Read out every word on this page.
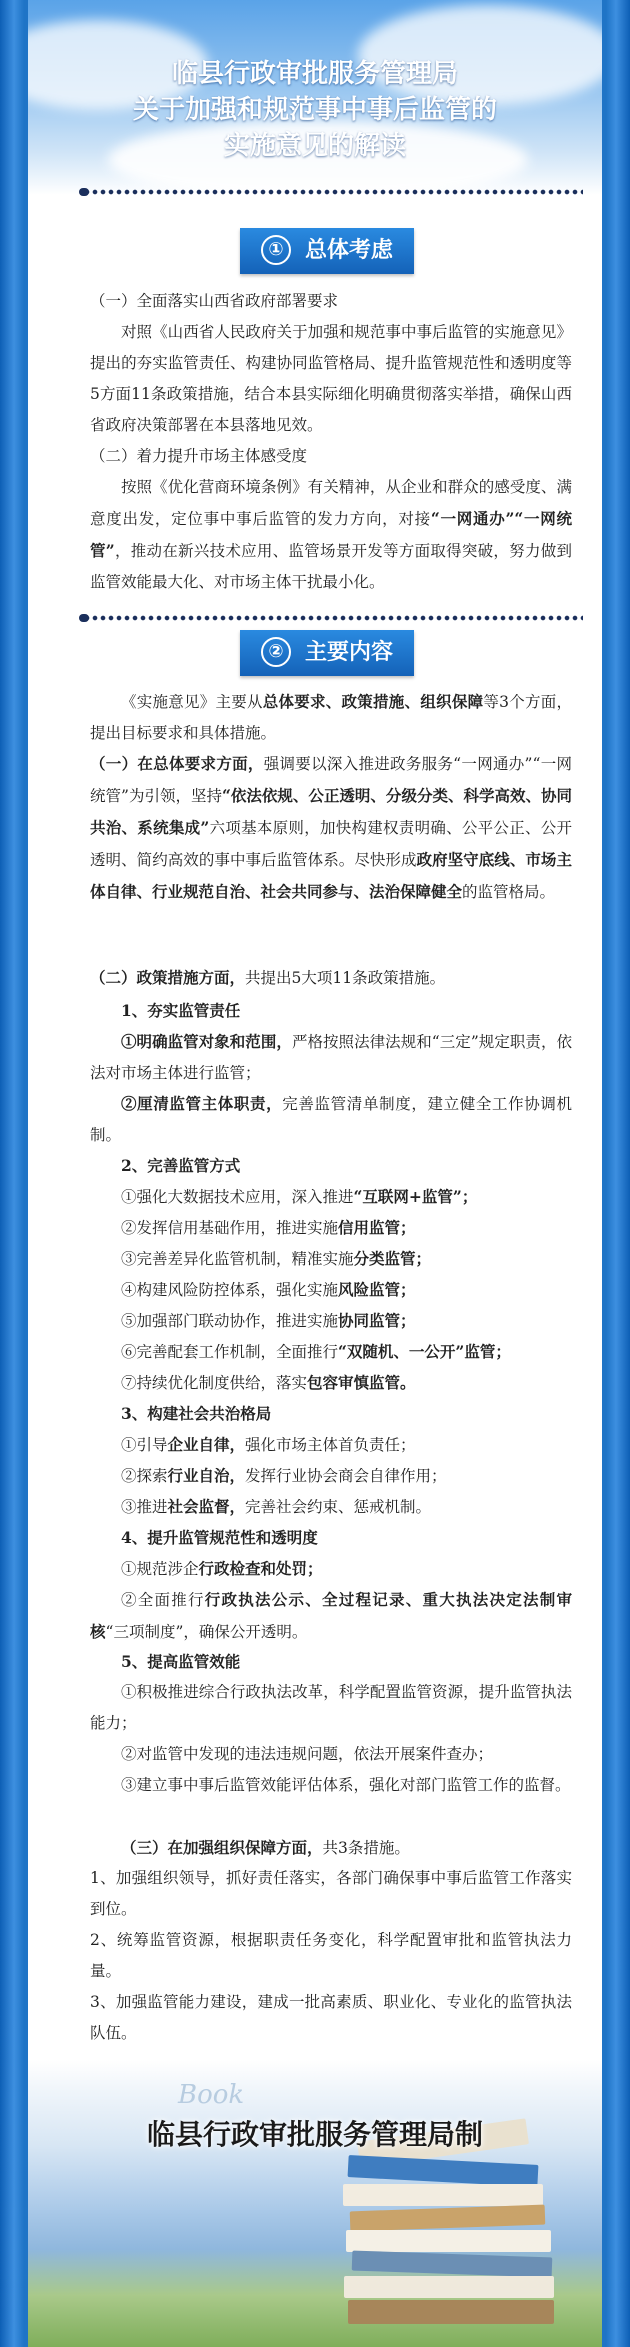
临县行政审批服务管理局
关于加强和规范事中事后监管的
实施意见的解读
① 总体考虑
（一）全面落实山西省政府部署要求
对照《山西省人民政府关于加强和规范事中事后监管的实施意见》提出的夯实监管责任、构建协同监管格局、提升监管规范性和透明度等5方面11条政策措施，结合本县实际细化明确贯彻落实举措，确保山西省政府决策部署在本县落地见效。
（二）着力提升市场主体感受度
按照《优化营商环境条例》有关精神，从企业和群众的感受度、满意度出发，定位事中事后监管的发力方向，对接“一网通办”“一网统管”，推动在新兴技术应用、监管场景开发等方面取得突破，努力做到监管效能最大化、对市场主体干扰最小化。
② 主要内容
《实施意见》主要从总体要求、政策措施、组织保障等3个方面，提出目标要求和具体措施。
（一）在总体要求方面，强调要以深入推进政务服务“一网通办”“一网统管”为引领，坚持“依法依规、公正透明、分级分类、科学高效、协同共治、系统集成”六项基本原则，加快构建权责明确、公平公正、公开透明、简约高效的事中事后监管体系。尽快形成政府坚守底线、市场主体自律、行业规范自治、社会共同参与、法治保障健全的监管格局。
（二）政策措施方面，共提出5大项11条政策措施。
1、夯实监管责任
①明确监管对象和范围，严格按照法律法规和“三定”规定职责，依法对市场主体进行监管；
②厘清监管主体职责，完善监管清单制度，建立健全工作协调机制。
2、完善监管方式
①强化大数据技术应用，深入推进“互联网+监管”；
②发挥信用基础作用，推进实施信用监管；
③完善差异化监管机制，精准实施分类监管；
④构建风险防控体系，强化实施风险监管；
⑤加强部门联动协作，推进实施协同监管；
⑥完善配套工作机制，全面推行“双随机、一公开”监管；
⑦持续优化制度供给，落实包容审慎监管。
3、构建社会共治格局
①引导企业自律，强化市场主体首负责任；
②探索行业自治，发挥行业协会商会自律作用；
③推进社会监督，完善社会约束、惩戒机制。
4、提升监管规范性和透明度
①规范涉企行政检查和处罚；
②全面推行行政执法公示、全过程记录、重大执法决定法制审核“三项制度”，确保公开透明。
5、提高监管效能
①积极推进综合行政执法改革，科学配置监管资源，提升监管执法能力；
②对监管中发现的违法违规问题，依法开展案件查办；
③建立事中事后监管效能评估体系，强化对部门监管工作的监督。
（三）在加强组织保障方面，共3条措施。
1、加强组织领导，抓好责任落实，各部门确保事中事后监管工作落实到位。
2、统筹监管资源，根据职责任务变化，科学配置审批和监管执法力量。
3、加强监管能力建设，建成一批高素质、职业化、专业化的监管执法队伍。
Book
临县行政审批服务管理局制
